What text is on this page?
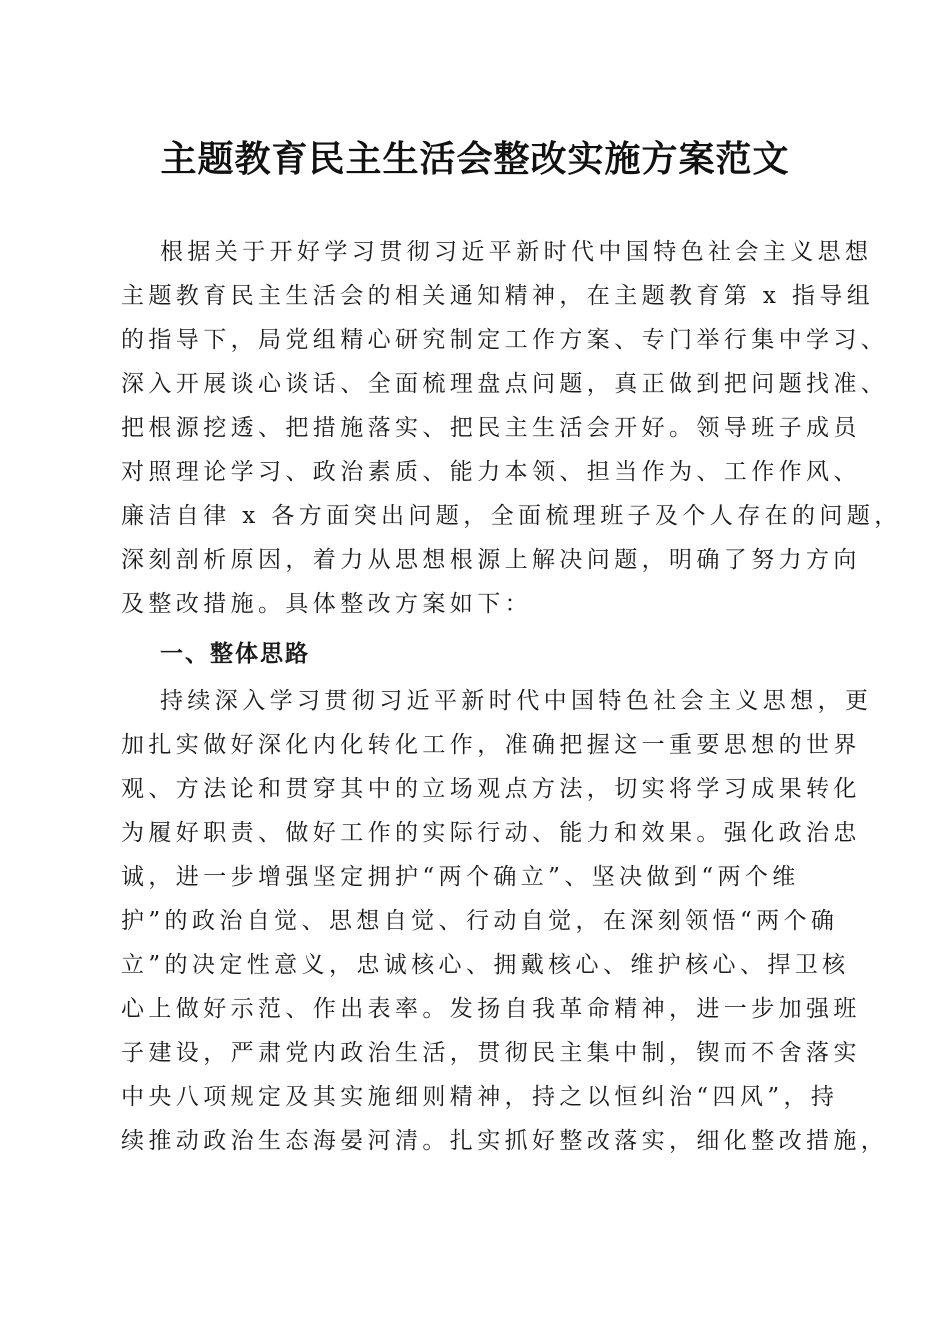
主题教育民主生活会整改实施方案范文
根据关于开好学习贯彻习近平新时代中国特色社会主义思想
主题教育民主生活会的相关通知精神，在主题教育第 x 指导组
的指导下，局党组精心研究制定工作方案、专门举行集中学习、
深入开展谈心谈话、全面梳理盘点问题，真正做到把问题找准、
把根源挖透、把措施落实、把民主生活会开好。领导班子成员
对照理论学习、政治素质、能力本领、担当作为、工作作风、
廉洁自律 x 各方面突出问题，全面梳理班子及个人存在的问题，
深刻剖析原因，着力从思想根源上解决问题，明确了努力方向
及整改措施。具体整改方案如下：
一、整体思路
持续深入学习贯彻习近平新时代中国特色社会主义思想，更
加扎实做好深化内化转化工作，准确把握这一重要思想的世界
观、方法论和贯穿其中的立场观点方法，切实将学习成果转化
为履好职责、做好工作的实际行动、能力和效果。强化政治忠
诚，进一步增强坚定拥护“两个确立”、坚决做到“两个维
护”的政治自觉、思想自觉、行动自觉，在深刻领悟“两个确
立”的决定性意义，忠诚核心、拥戴核心、维护核心、捍卫核
心上做好示范、作出表率。发扬自我革命精神，进一步加强班
子建设，严肃党内政治生活，贯彻民主集中制，锲而不舍落实
中央八项规定及其实施细则精神，持之以恒纠治“四风”，持
续推动政治生态海晏河清。扎实抓好整改落实，细化整改措施，
